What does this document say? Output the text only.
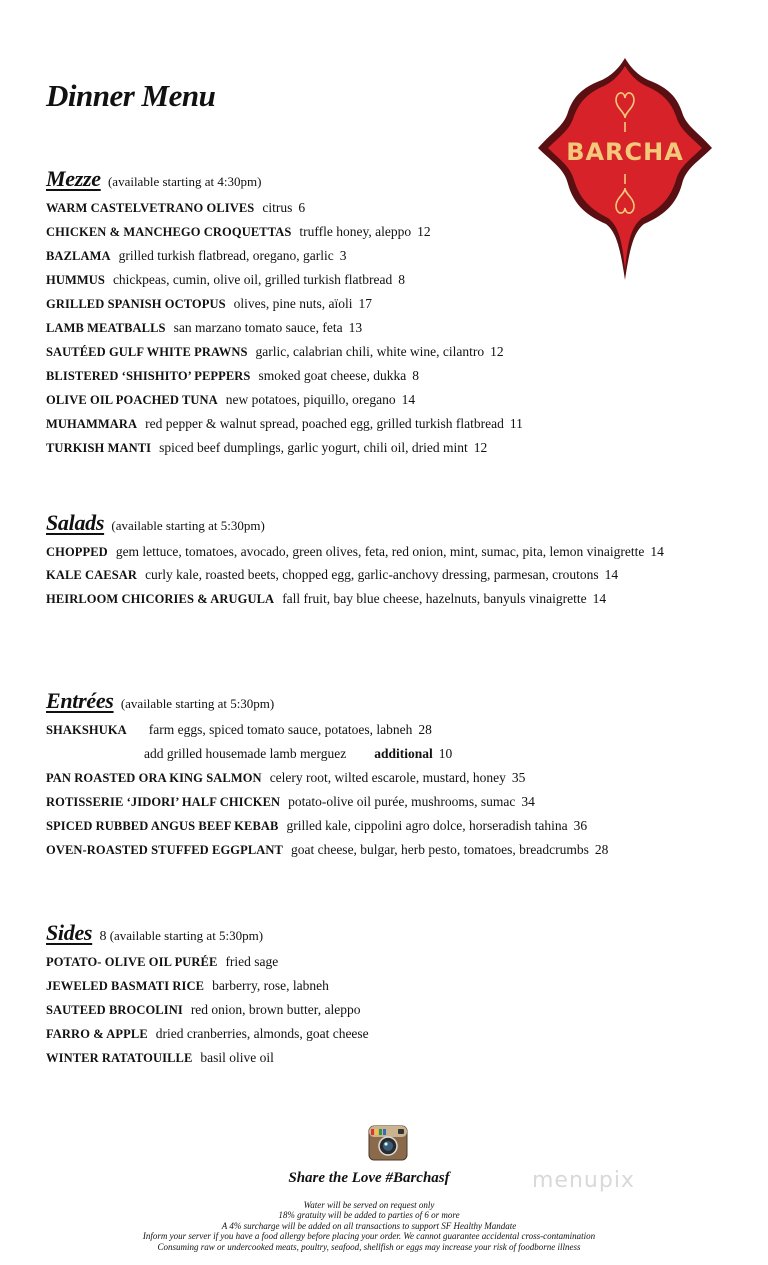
Dinner Menu
BARCHA
Mezze (available starting at 4:30pm)
WARM CASTELVETRANO OLIVES citrus 6
CHICKEN & MANCHEGO CROQUETTAS truffle honey, aleppo 12
BAZLAMA grilled turkish flatbread, oregano, garlic 3
HUMMUS chickpeas, cumin, olive oil, grilled turkish flatbread 8
GRILLED SPANISH OCTOPUS olives, pine nuts, aïoli 17
LAMB MEATBALLS san marzano tomato sauce, feta 13
SAUTÉED GULF WHITE PRAWNS garlic, calabrian chili, white wine, cilantro 12
BLISTERED ‘SHISHITO’ PEPPERS smoked goat cheese, dukka 8
OLIVE OIL POACHED TUNA new potatoes, piquillo, oregano 14
MUHAMMARA red pepper & walnut spread, poached egg, grilled turkish flatbread 11
TURKISH MANTI spiced beef dumplings, garlic yogurt, chili oil, dried mint 12
Salads (available starting at 5:30pm)
CHOPPED gem lettuce, tomatoes, avocado, green olives, feta, red onion, mint, sumac, pita, lemon vinaigrette 14
KALE CAESAR curly kale, roasted beets, chopped egg, garlic-anchovy dressing, parmesan, croutons 14
HEIRLOOM CHICORIES & ARUGULA fall fruit, bay blue cheese, hazelnuts, banyuls vinaigrette 14
Entrées (available starting at 5:30pm)
SHAKSHUKA farm eggs, spiced tomato sauce, potatoes, labneh 28
add grilled housemade lamb merguez additional 10
PAN ROASTED ORA KING SALMON celery root, wilted escarole, mustard, honey 35
ROTISSERIE ‘JIDORI’ HALF CHICKEN potato-olive oil purée, mushrooms, sumac 34
SPICED RUBBED ANGUS BEEF KEBAB grilled kale, cippolini agro dolce, horseradish tahina 36
OVEN-ROASTED STUFFED EGGPLANT goat cheese, bulgar, herb pesto, tomatoes, breadcrumbs 28
Sides 8 (available starting at 5:30pm)
POTATO- OLIVE OIL PURÉE fried sage
JEWELED BASMATI RICE barberry, rose, labneh
SAUTEED BROCOLINI red onion, brown butter, aleppo
FARRO & APPLE dried cranberries, almonds, goat cheese
WINTER RATATOUILLE basil olive oil
Share the Love #Barchasf	menupix
Water will be served on request only
18% gratuity will be added to parties of 6 or more
A 4% surcharge will be added on all transactions to support SF Healthy Mandate
Inform your server if you have a food allergy before placing your order. We cannot guarantee accidental cross-contamination
Consuming raw or undercooked meats, poultry, seafood, shellfish or eggs may increase your risk of foodborne illness
